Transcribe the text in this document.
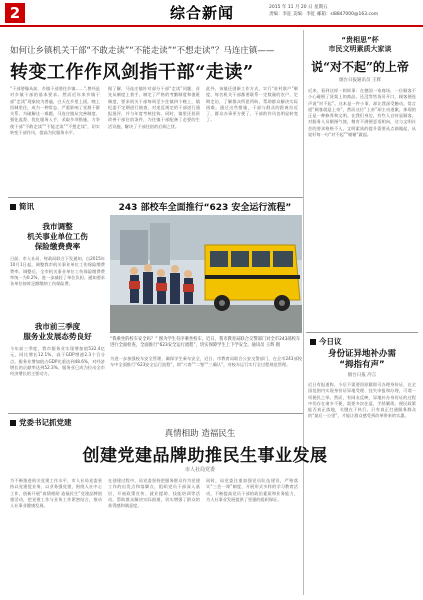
2	综合新闻	2015 年 11 月 20 日 星期五
责编：李征 美编：李征 邮箱：sl8847000@163.com
如何让乡镇机关干部“不敢走读”“不能走读”“不想走读”？马连庄镇——
转变工作作风剑指干部“走读”
“干部要像从前、乡镇干部要住乡镇……”,曾经是对乡镇干部的基本要求。然而近年来乡镇干部“走读”现象较为普遍，白天在乡里上班，晚上回城里住，成为一种常态，严重影响了党群干群关系。为破解这一难题，马连庄镇从完善制度、强化监督、优化服务入手，采取多项措施，力争使干部“不敢走读”“不能走读”“不想走读”，切实转变干部作风，提高为民服务水平。
据了解，马连庄镇针对部分干部“走读”问题，首先从制度上着手，制定了严格的考勤制度和值班制度，要求机关干部每周至少住镇四个晚上，镇纪委不定期进行抽查，对违反规定的干部进行通报批评，并与年度考核挂钩。同时，镇里还投资改善干部住宿条件，为住镇干部配备了必要的生活设施，解决了干部住宿的后顾之忧。
此外，该镇还创新工作方式，实行“驻村联户”制度，每名机关干部都要联系一定数量的农户，定期走访，了解群众所思所盼，帮助群众解决实际困难。通过这些措施，干部与群众的距离拉近了，群众办事更方便了，干部的作风也明显转变了。
“贵相思”杯
市民文明素质大家谈
说“对不起”的上帝
烟台日报通讯员 王辉
近来，看到这样一则故事：在德国一家商场，一位顾客不小心碰倒了货架上的商品，还没等售货员开口，顾客便连声说“对不起”。这本是一件小事，却让我深受触动。常言道“顾客就是上帝”，然而这位“上帝”却主动道歉，体现的正是一种修养和文明。在我们身边，有些人自恃是顾客，对服务人员颐指气使，稍有不满便恶语相向，这与文明社会的要求格格不入。文明素质的提升需要从点滴做起，从说好每一句“对不起”“谢谢”做起。
简讯
我市调整
机关事业单位工伤
保险缴费费率
日前，市人社局、财政局联合下发通知，自2015年10月1日起，调整我市机关事业单位工伤保险缴费费率。调整后，全市机关事业单位工伤保险缴费费率统一为0.2%，进一步减轻了单位负担。通知要求各单位按时足额缴纳工伤保险费。
我市前三季度
服务业发展态势良好
今年前三季度，我市服务业实现增加值532.4亿元，同比增长12.1%，高于GDP增速2.3个百分点。服务业增加值占GDP比重达到48.6%，对经济增长的贡献率达到52.3%，服务业已成为拉动全市经济增长的主要动力。
243 部校车全面推行“623 安全运行流程”
“我乘坐的校车安全吗？” 图为学生有序乘坐校车。近日，我市教育局联合交警部门对全市243部校车进行全面检查，全面推行“623安全运行流程”，切实保障学生上下学安全。通讯员 王辉 摄
为进一步加强校车安全管理，确保学生乘车安全，近日，市教育局联合公安交警部门，在全市243部校车中全面推行“623安全运行流程”，即“六查”“二签”“三确认”，对校车运行实行全过程规范管理。
今日议
身份证异地补办需
“拇指有声”
烟台日报 冷言
近日有报道称，今后不需要回原籍即可办理身份证，在全国范围内实现身份证异地受理、挂失申报和办理，可谓一项便民之举。然而，有网友反映，异地补办身份证的过程中仍存在诸多不便，需要多次往返，手续繁琐。便民政策能否真正落地，关键在于执行。只有真正打通服务群众的“最后一公里”，才能让群众感受到改革带来的实惠。
党委书记抓党建
真情相助 造福民生
创建党建品牌助推民生事业发展
市人社局党委
为不断推进机关党建工作水平，市人社局党委坚持以党建促业务，以业务强党建，围绕人社中心工作，创新开展“真情相助 造福民生”党建品牌创建活动，把党建工作与业务工作紧密结合，推动人社事业健康发展。
在创建过程中，局党委坚持把服务群众作为党建工作的出发点和落脚点，组织党员干部深入基层，开展政策宣传、就业援助、技能培训等活动，帮助群众解决实际困难，切实增强了群众的获得感和满意度。
同时，局党委注重加强党员队伍建设，严格落实“三会一课”制度，开展形式多样的学习教育活动，不断提高党员干部的政治素质和业务能力，为人社事业发展提供了坚强的组织保证。
